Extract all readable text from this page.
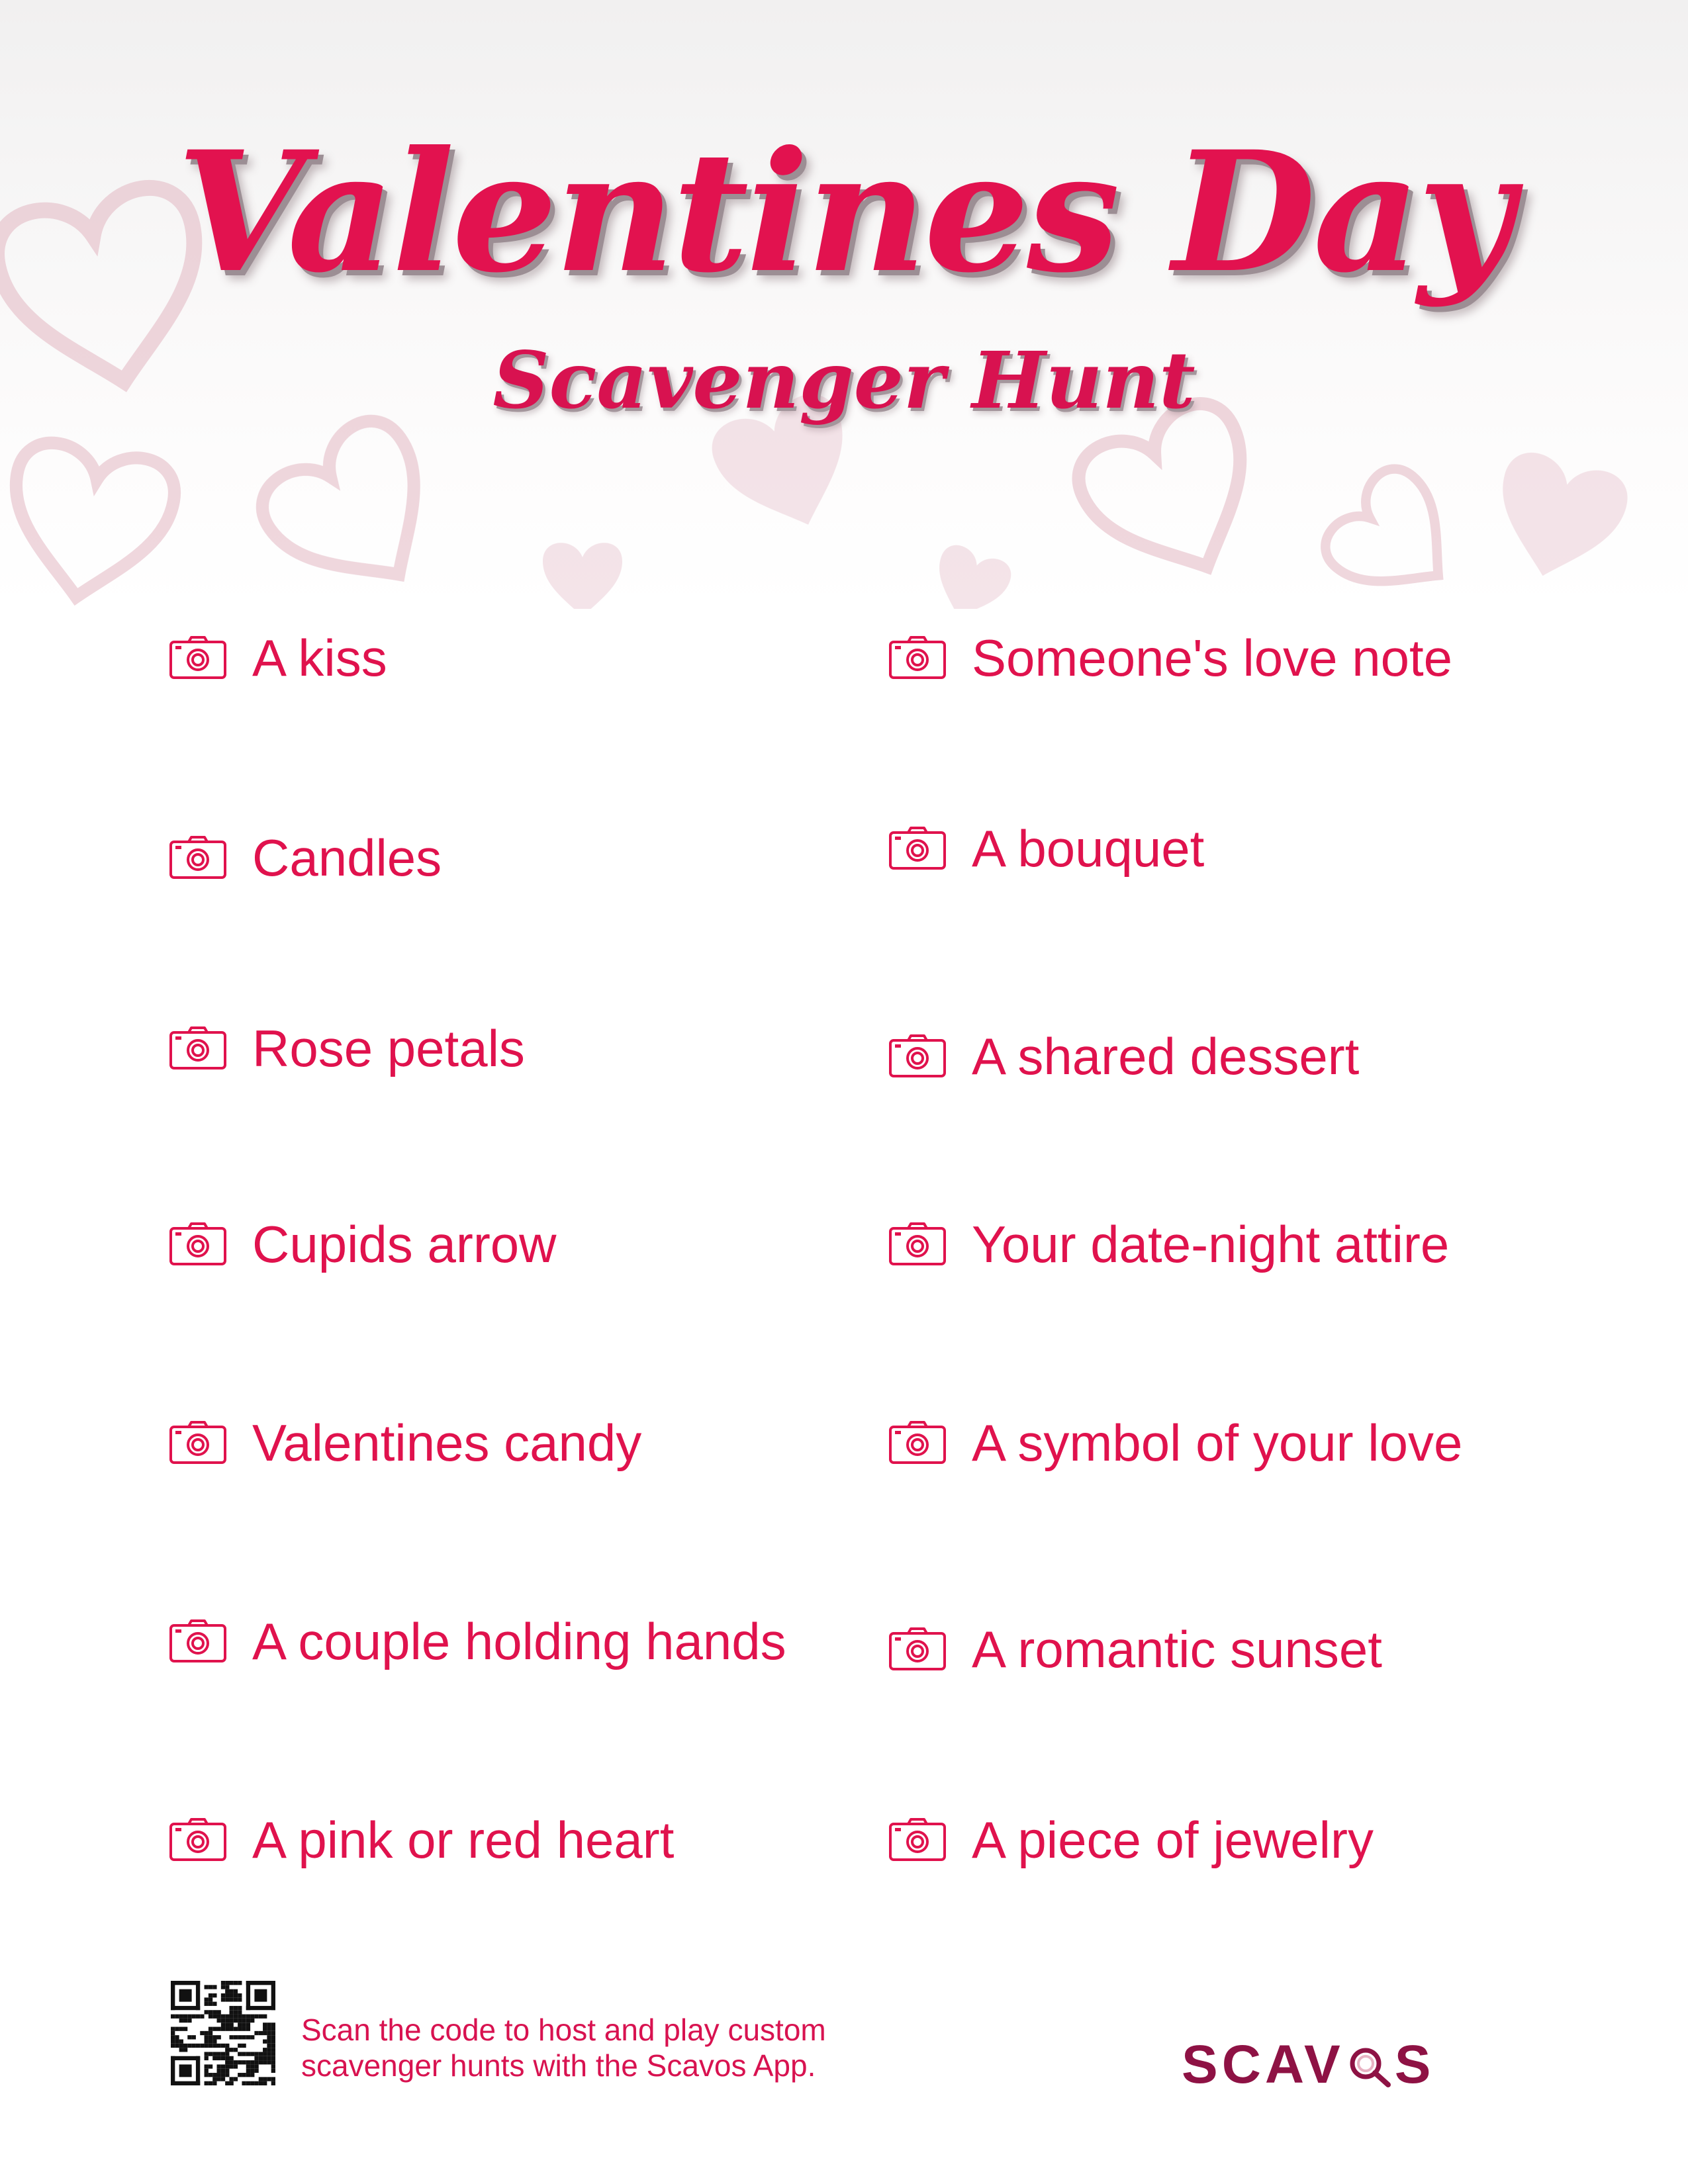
Valentines Day
Scavenger Hunt
A kiss
Candles
Rose petals
Cupids arrow
Valentines candy
A couple holding hands
A pink or red heart
Someone's love note
A bouquet
A shared dessert
Your date-night attire
A symbol of your love
A romantic sunset
A piece of jewelry
Scan the code to host and play custom
scavenger hunts with the Scavos App.	SCAV S
